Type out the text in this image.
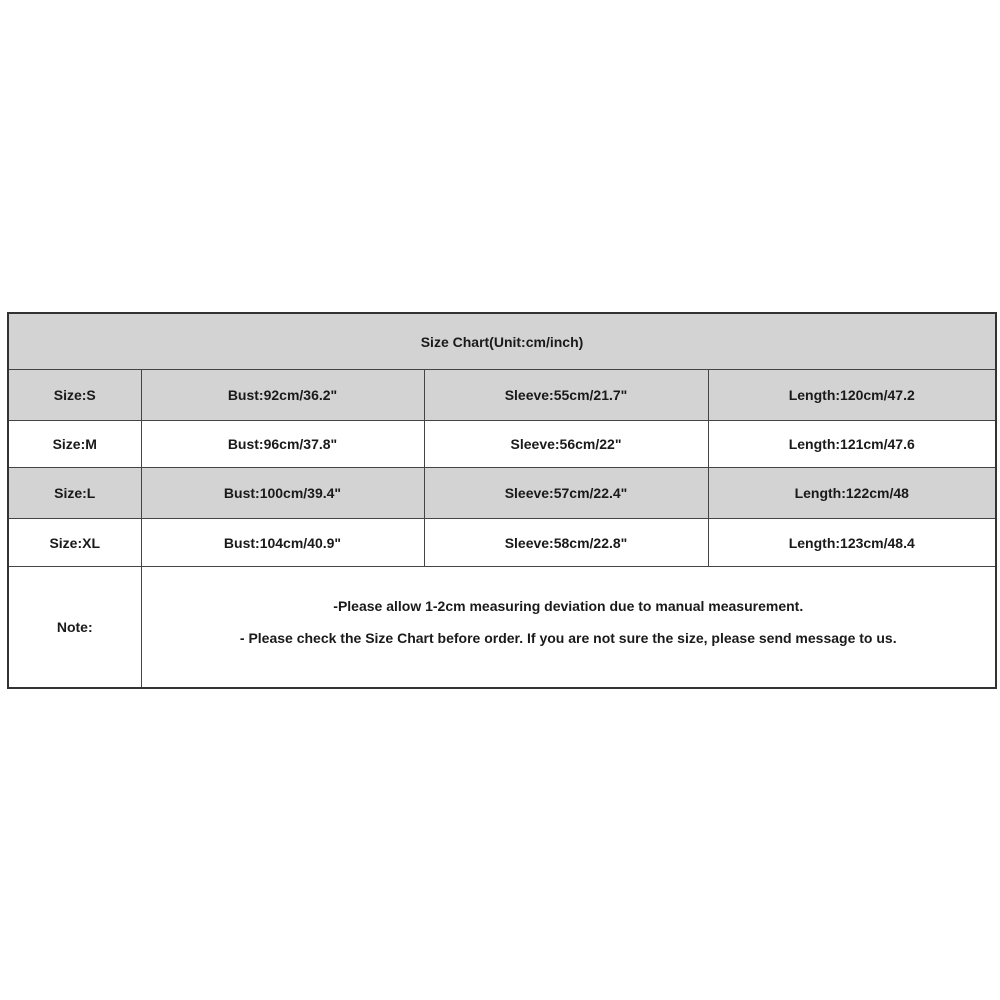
Size Chart(Unit:cm/inch)			
Size:S	Bust:92cm/36.2"	Sleeve:55cm/21.7"	Length:120cm/47.2
Size:M	Bust:96cm/37.8"	Sleeve:56cm/22"	Length:121cm/47.6
Size:L	Bust:100cm/39.4"	Sleeve:57cm/22.4"	Length:122cm/48
Size:XL	Bust:104cm/40.9"	Sleeve:58cm/22.8"	Length:123cm/48.4
Note:	-Please allow 1-2cm measuring deviation due to manual measurement.
- Please check the Size Chart before order. If you are not sure the size, please send message to us.		
